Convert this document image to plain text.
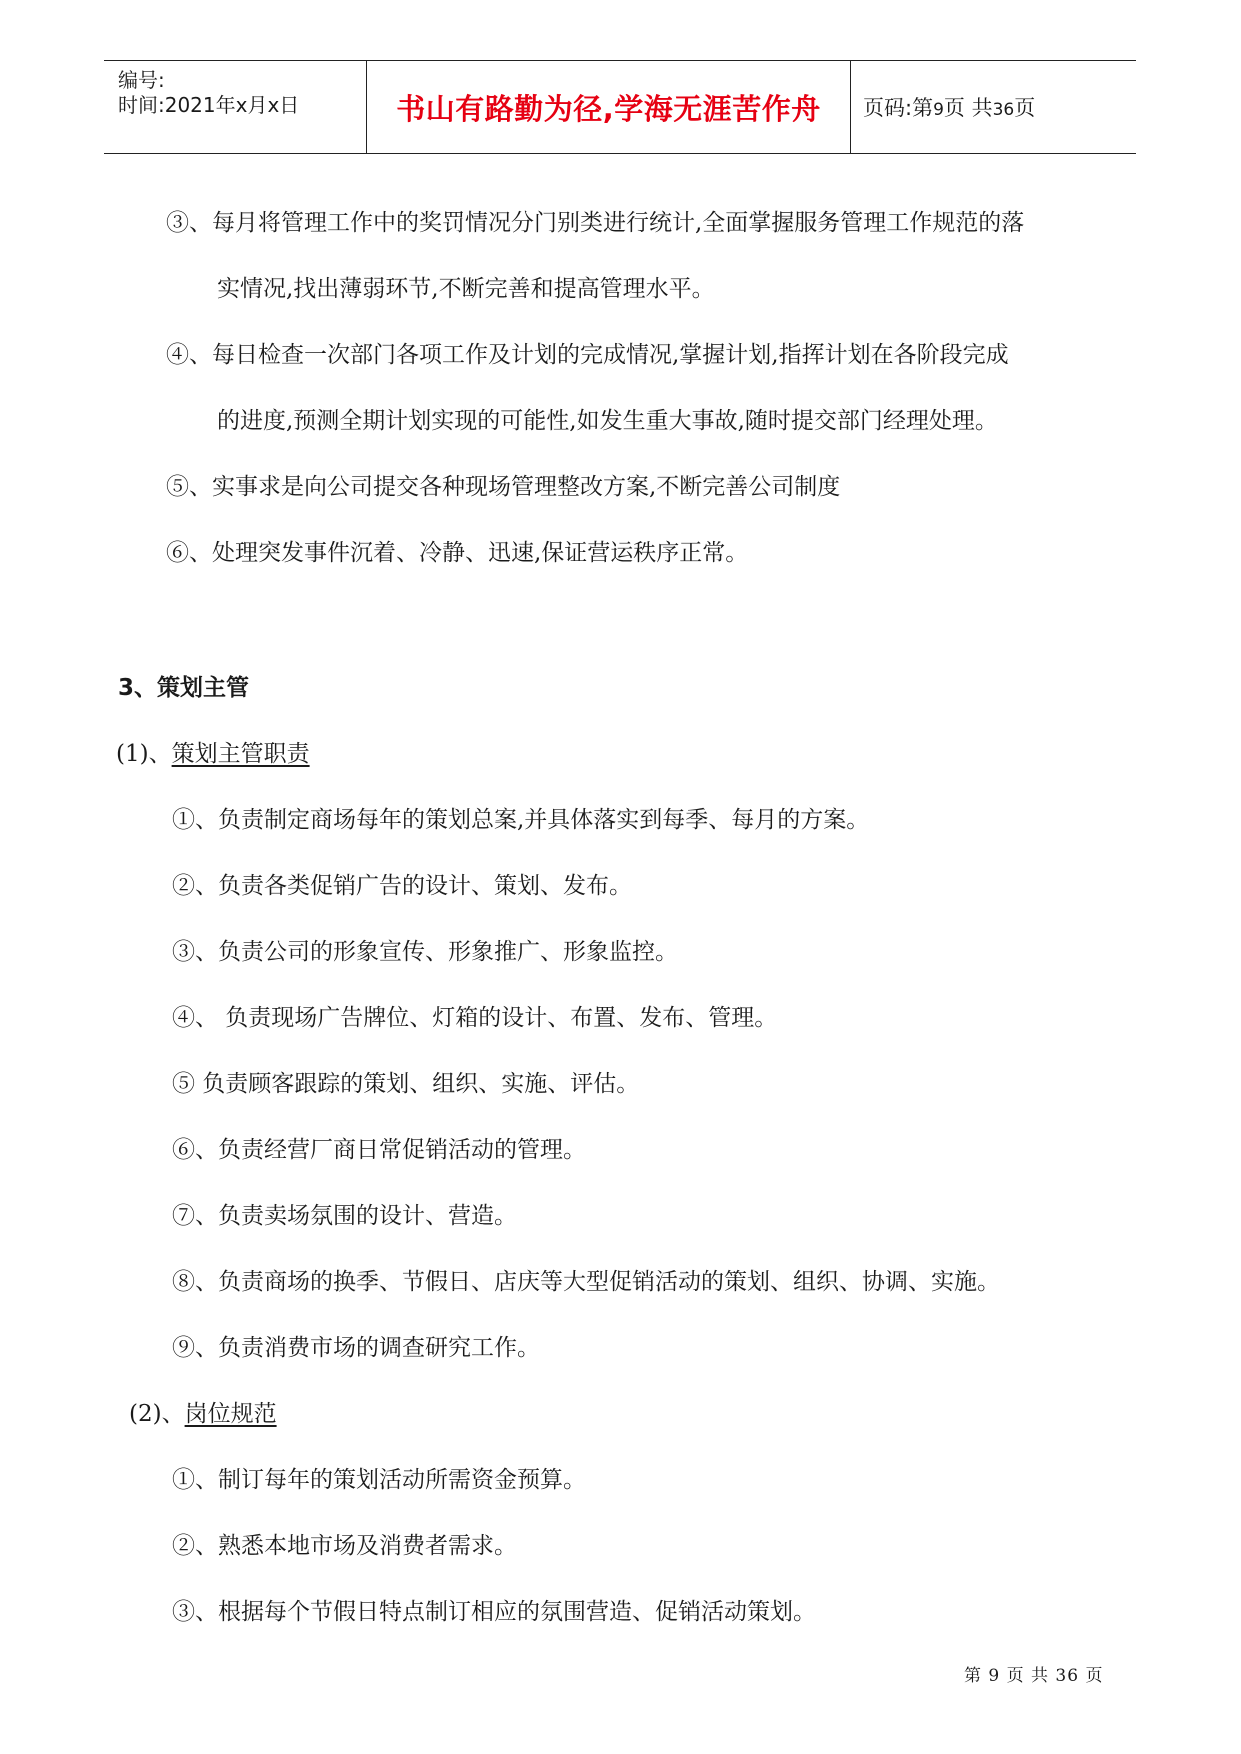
编号:
时间:2021年x月x日	书山有路勤为径,学海无涯苦作舟 页码:第9页 共36页
③、每月将管理工作中的奖罚情况分门别类进行统计,全面掌握服务管理工作规范的落
实情况,找出薄弱环节,不断完善和提高管理水平。
④、每日检查一次部门各项工作及计划的完成情况,掌握计划,指挥计划在各阶段完成
的进度,预测全期计划实现的可能性,如发生重大事故,随时提交部门经理处理。
⑤、实事求是向公司提交各种现场管理整改方案,不断完善公司制度
⑥、处理突发事件沉着、冷静、迅速,保证营运秩序正常。
3、策划主管
(1)、策划主管职责
①、负责制定商场每年的策划总案,并具体落实到每季、每月的方案。
②、负责各类促销广告的设计、策划、发布。
③、负责公司的形象宣传、形象推广、形象监控。
④、 负责现场广告牌位、灯箱的设计、布置、发布、管理。
⑤ 负责顾客跟踪的策划、组织、实施、评估。
⑥、负责经营厂商日常促销活动的管理。
⑦、负责卖场氛围的设计、营造。
⑧、负责商场的换季、节假日、店庆等大型促销活动的策划、组织、协调、实施。
⑨、负责消费市场的调查研究工作。
(2)、岗位规范
①、制订每年的策划活动所需资金预算。
②、熟悉本地市场及消费者需求。
③、根据每个节假日特点制订相应的氛围营造、促销活动策划。
第 9 页 共 36 页
